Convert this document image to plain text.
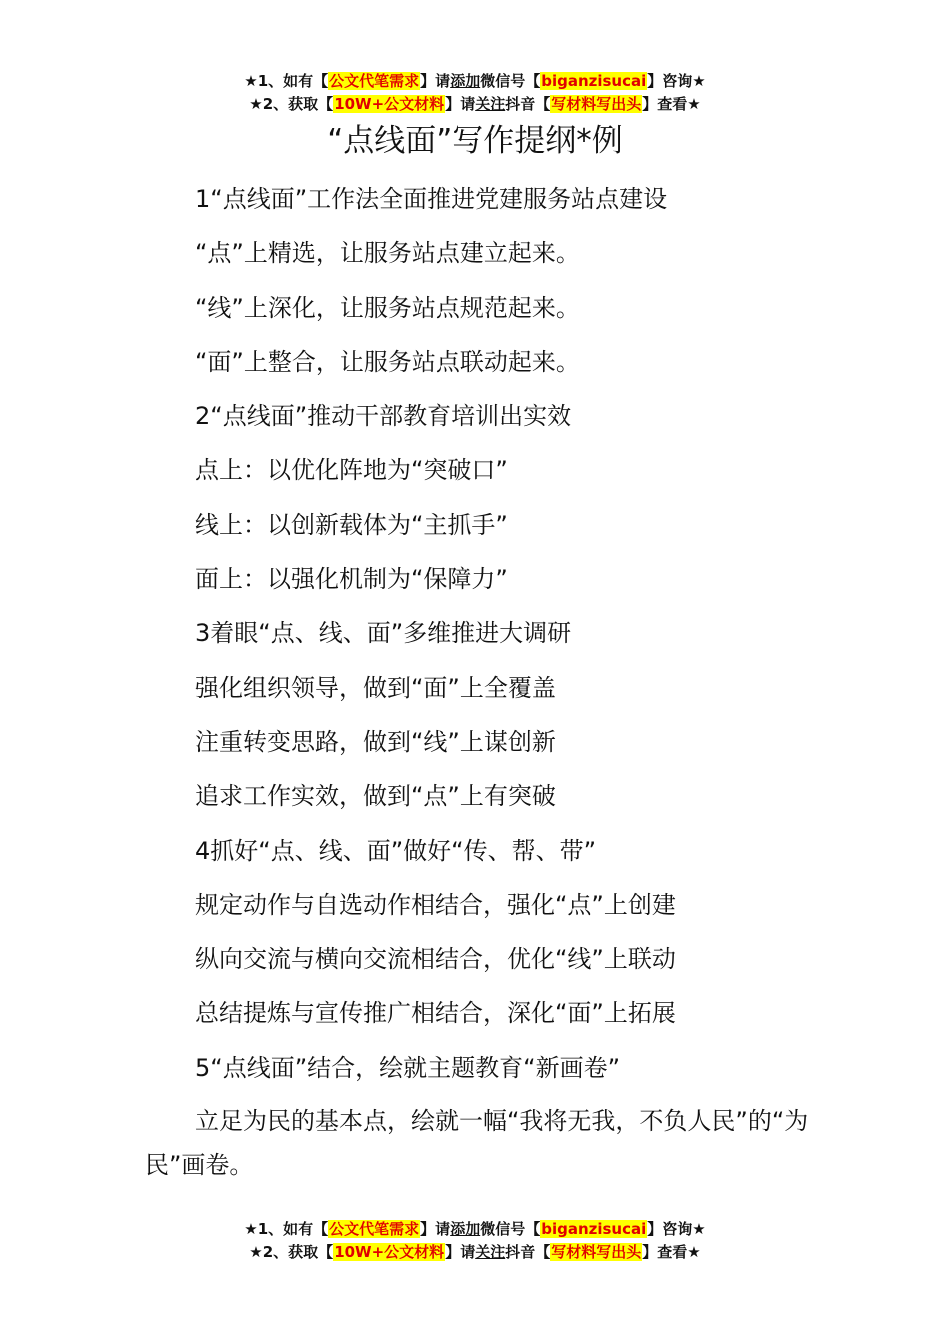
★1、如有【公文代笔需求】请添加微信号【biganzisucai】咨询★
★2、获取【10W+公文材料】请关注抖音【写材料写出头】查看★
“点线面”写作提纲*例

1“点线面”工作法全面推进党建服务站点建设

“点”上精选，让服务站点建立起来。

“线”上深化，让服务站点规范起来。

“面”上整合，让服务站点联动起来。

2“点线面”推动干部教育培训出实效

点上：以优化阵地为“突破口”

线上：以创新载体为“主抓手”

面上：以强化机制为“保障力”

3着眼“点、线、面”多维推进大调研

强化组织领导，做到“面”上全覆盖

注重转变思路，做到“线”上谋创新

追求工作实效，做到“点”上有突破

4抓好“点、线、面”做好“传、帮、带”

规定动作与自选动作相结合，强化“点”上创建

纵向交流与横向交流相结合，优化“线”上联动

总结提炼与宣传推广相结合，深化“面”上拓展

5“点线面”结合，绘就主题教育“新画卷”

立足为民的基本点，绘就一幅“我将无我，不负人民”的“为民”画卷。

★1、如有【公文代笔需求】请添加微信号【biganzisucai】咨询★
★2、获取【10W+公文材料】请关注抖音【写材料写出头】查看★
